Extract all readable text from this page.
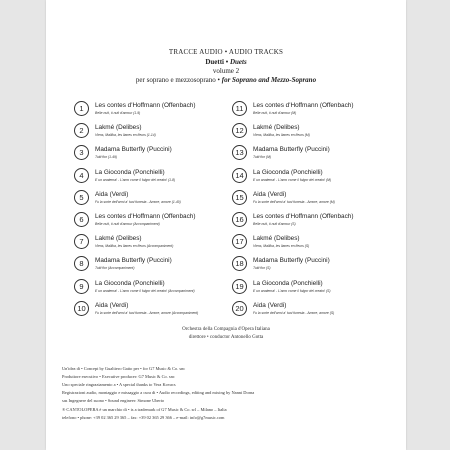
TRACCE AUDIO • AUDIO TRACKS
Duetti • Duets
volume 2
per soprano e mezzosoprano • for Soprano and Mezzo-Soprano
1	Les contes d'Hoffmann (Offenbach)
Belle nuit, ô nuit d'amour (1-9)
2	Lakmé (Delibes)
Viens, Mallika, les lianes en fleurs (1-14)
3	Madama Butterfly (Puccini)
Tutti fior (1-49)
4	La Gioconda (Ponchielli)
E un anatema! - L'amo come il fulgor del creato! (1-8)
5	Aida (Verdi)
Fu la sorte dell'armi a' tuoi funesta - Amore, amore (1-40)
6	Les contes d'Hoffmann (Offenbach)
Belle nuit, ô nuit d'amour (Accompaniment)
7	Lakmé (Delibes)
Viens, Mallika, les lianes en fleurs (Accompaniment)
8	Madama Butterfly (Puccini)
Tutti fior (Accompaniment)
9	La Gioconda (Ponchielli)
E un anatema! - L'amo come il fulgor del creato! (Accompaniment)
10	Aida (Verdi)
Fu la sorte dell'armi a' tuoi funesta - Amore, amore (Accompaniment)
11	Les contes d'Hoffmann (Offenbach)
Belle nuit, ô nuit d'amour (M)
12	Lakmé (Delibes)
Viens, Mallika, les lianes en fleurs (M)
13	Madama Butterfly (Puccini)
Tutti fior (M)
14	La Gioconda (Ponchielli)
E un anatema! - L'amo come il fulgor del creato! (M)
15	Aida (Verdi)
Fu la sorte dell'armi a' tuoi funesta - Amore, amore (M)
16	Les contes d'Hoffmann (Offenbach)
Belle nuit, ô nuit d'amour (S)
17	Lakmé (Delibes)
Viens, Mallika, les lianes en fleurs (S)
18	Madama Butterfly (Puccini)
Tutti fior (S)
19	La Gioconda (Ponchielli)
E un anatema! - L'amo come il fulgor del creato! (S)
20	Aida (Verdi)
Fu la sorte dell'armi a' tuoi funesta - Amore, amore (S)
Orchestra della Compagnia d'Opera Italiana
direttore • conductor Antonello Gotta
Un'idea di • Concept by Gualtiero Gatto per • for G7 Music & Co. snc
Produttore esecutivo • Executive producer: G7 Music & Co. snc
Uno speciale ringraziamento a • A special thanks to Vera Kovacs
Registrazioni audio, montaggio e missaggio a cura di • Audio recordings, editing and mixing by Nanni Dorna
sas Ingegnere del suono • Sound engineer: Simone Uberto
® CANTOLOPERA è un marchio di • is a trademark of G7 Music & Co. srl – Milano – Italia
telefono • phone: +39 02 365 29 365 – fax: +39 02 365 29 366 – e-mail: info@g7music.com
